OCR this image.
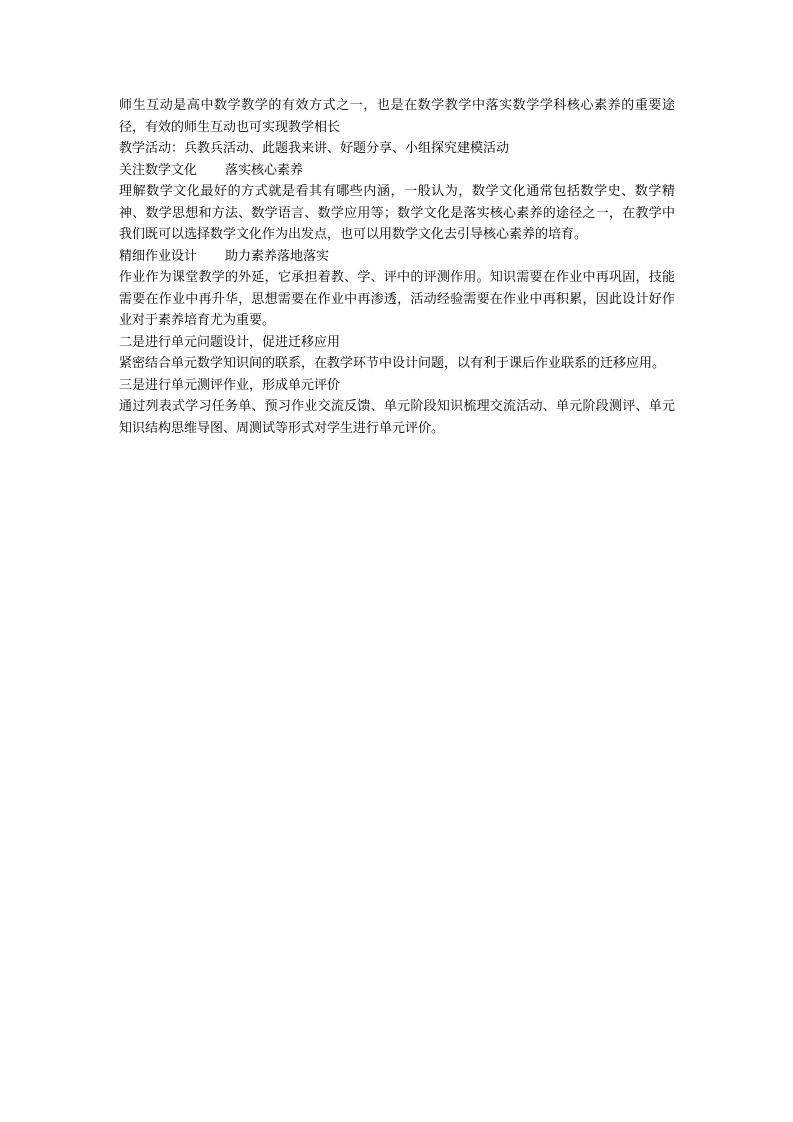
师生互动是高中数学教学的有效方式之一，也是在数学教学中落实数学学科核心素养的重要途径，有效的师生互动也可实现教学相长

教学活动：兵教兵活动、此题我来讲、好题分享、小组探究建模活动

关注数学文化 落实核心素养

理解数学文化最好的方式就是看其有哪些内涵，一般认为，数学文化通常包括数学史、数学精神、数学思想和方法、数学语言、数学应用等；数学文化是落实核心素养的途径之一，在教学中我们既可以选择数学文化作为出发点，也可以用数学文化去引导核心素养的培育。

精细作业设计 助力素养落地落实

作业作为课堂教学的外延，它承担着教、学、评中的评测作用。知识需要在作业中再巩固，技能需要在作业中再升华，思想需要在作业中再渗透，活动经验需要在作业中再积累，因此设计好作业对于素养培育尤为重要。

二是进行单元问题设计，促进迁移应用

紧密结合单元数学知识间的联系，在教学环节中设计问题，以有利于课后作业联系的迁移应用。

三是进行单元测评作业，形成单元评价

通过列表式学习任务单、预习作业交流反馈、单元阶段知识梳理交流活动、单元阶段测评、单元知识结构思维导图、周测试等形式对学生进行单元评价。
